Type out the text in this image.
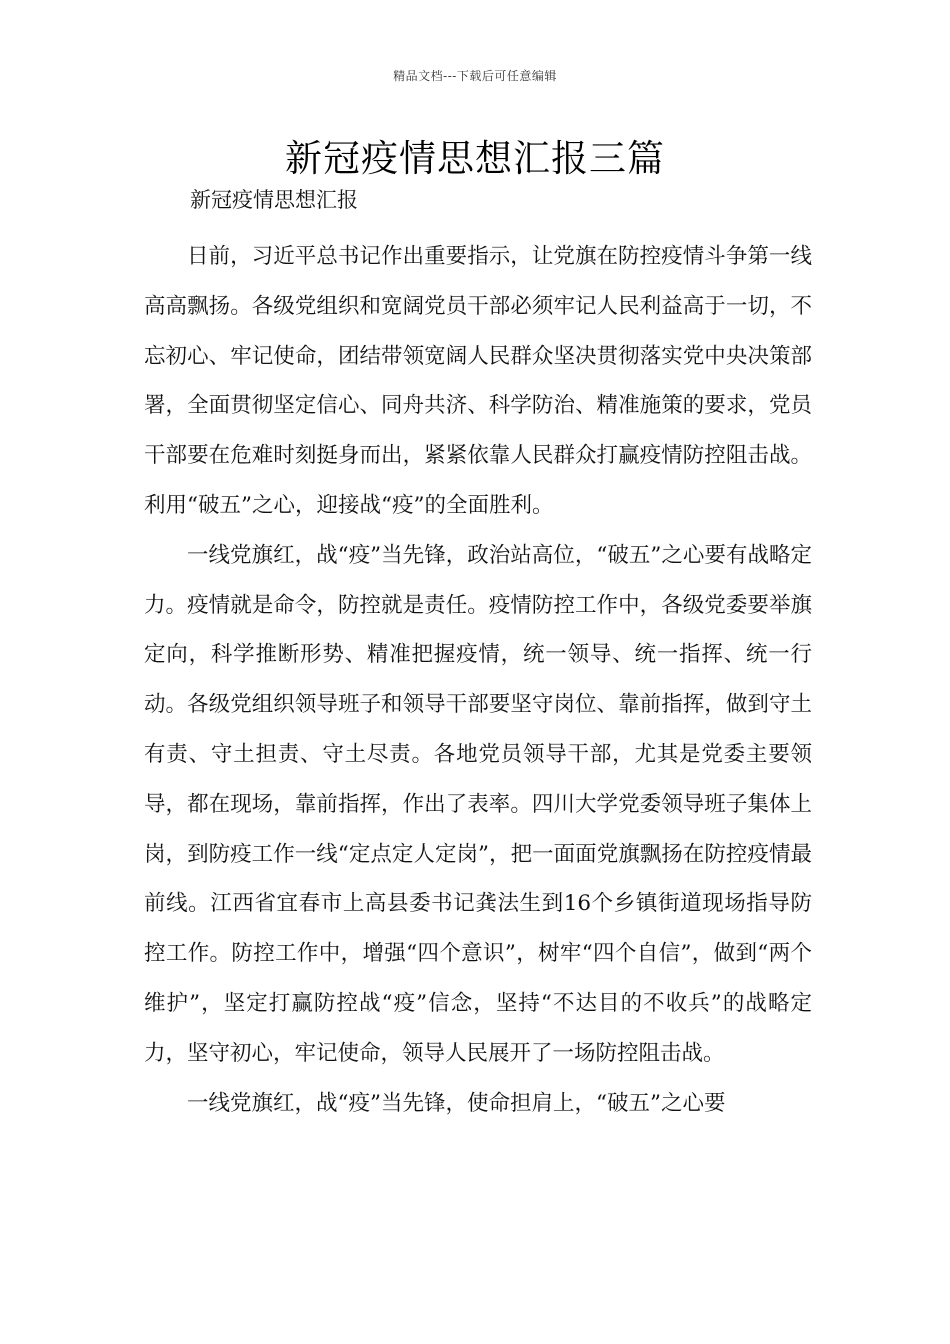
精品文档---下载后可任意编辑
新冠疫情思想汇报三篇
新冠疫情思想汇报

日前，习近平总书记作出重要指示，让党旗在防控疫情斗争第一线高高飘扬。各级党组织和宽阔党员干部必须牢记人民利益高于一切，不忘初心、牢记使命，团结带领宽阔人民群众坚决贯彻落实党中央决策部署，全面贯彻坚定信心、同舟共济、科学防治、精准施策的要求，党员干部要在危难时刻挺身而出，紧紧依靠人民群众打赢疫情防控阻击战。利用“破五”之心，迎接战“疫”的全面胜利。

一线党旗红，战“疫”当先锋，政治站高位，“破五”之心要有战略定力。疫情就是命令，防控就是责任。疫情防控工作中，各级党委要举旗定向，科学推断形势、精准把握疫情，统一领导、统一指挥、统一行动。各级党组织领导班子和领导干部要坚守岗位、靠前指挥，做到守土有责、守土担责、守土尽责。各地党员领导干部，尤其是党委主要领导，都在现场，靠前指挥，作出了表率。四川大学党委领导班子集体上岗，到防疫工作一线“定点定人定岗”，把一面面党旗飘扬在防控疫情最前线。江西省宜春市上高县委书记龚法生到16个乡镇街道现场指导防控工作。防控工作中，增强“四个意识”，树牢“四个自信”，做到“两个维护”，坚定打赢防控战“疫”信念，坚持“不达目的不收兵”的战略定力，坚守初心，牢记使命，领导人民展开了一场防控阻击战。

一线党旗红，战“疫”当先锋，使命担肩上，“破五”之心要
